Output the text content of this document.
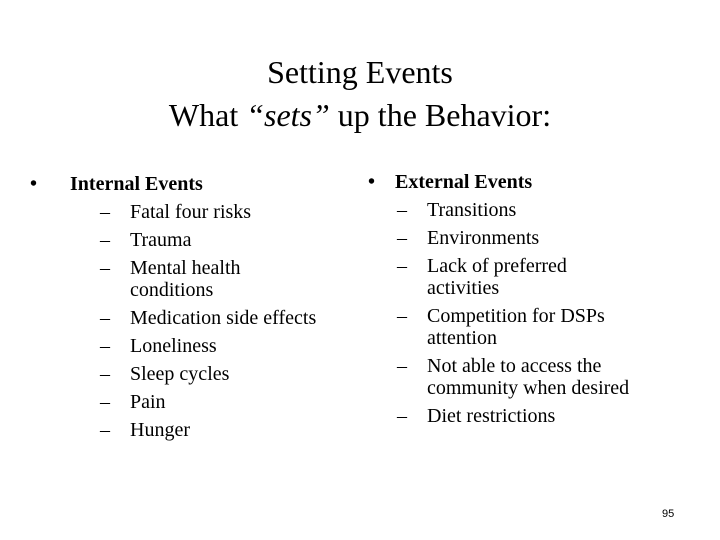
Setting Events
What “sets” up the Behavior:
• Internal Events
– Fatal four risks
– Trauma
– Mental health conditions
– Medication side effects
– Loneliness
– Sleep cycles
– Pain
– Hunger
• External Events
– Transitions
– Environments
– Lack of preferred activities
– Competition for DSPs attention
– Not able to access the community when desired
– Diet restrictions
95
